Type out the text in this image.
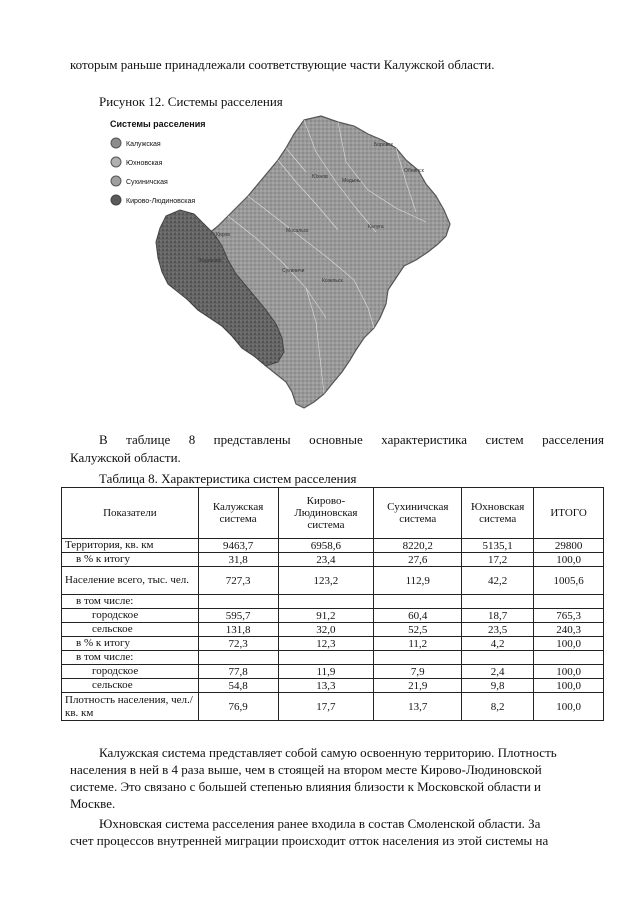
которым раньше принадлежали соответствующие части Калужской области.
Рисунок 12. Системы расселения
Системы расселения
Калужская
Юхновская
Сухиничская
Кирово-Людиновская
Боровск
Калуга
Мосальск
Людиново
Киров
Юхнов
Сухиничи
Козельск
Медынь
Обнинск
В таблице 8 представлены основные характеристика систем расселения
Калужской области.
Таблица 8. Характеристика систем расселения
Показатели	Калужская система	Кирово-Людиновская система	Сухиничская система	Юхновская система	ИТОГО
Территория, кв. км	9463,7	6958,6	8220,2	5135,1	29800
в % к итогу	31,8	23,4	27,6	17,2	100,0
Население всего, тыс. чел.	727,3	123,2	112,9	42,2	1005,6
в том числе:					
городское	595,7	91,2	60,4	18,7	765,3
сельское	131,8	32,0	52,5	23,5	240,3
в % к итогу	72,3	12,3	11,2	4,2	100,0
в том числе:					
городское	77,8	11,9	7,9	2,4	100,0
сельское	54,8	13,3	21,9	9,8	100,0
Плотность населения, чел./кв. км	76,9	17,7	13,7	8,2	100,0
Калужская система представляет собой самую освоенную территорию. Плотность
населения в ней в 4 раза выше, чем в стоящей на втором месте Кирово-Людиновской
системе. Это связано с большей степенью влияния близости к Московской области и
Москве.
Юхновская система расселения ранее входила в состав Смоленской области. За
счет процессов внутренней миграции происходит отток населения из этой системы на
